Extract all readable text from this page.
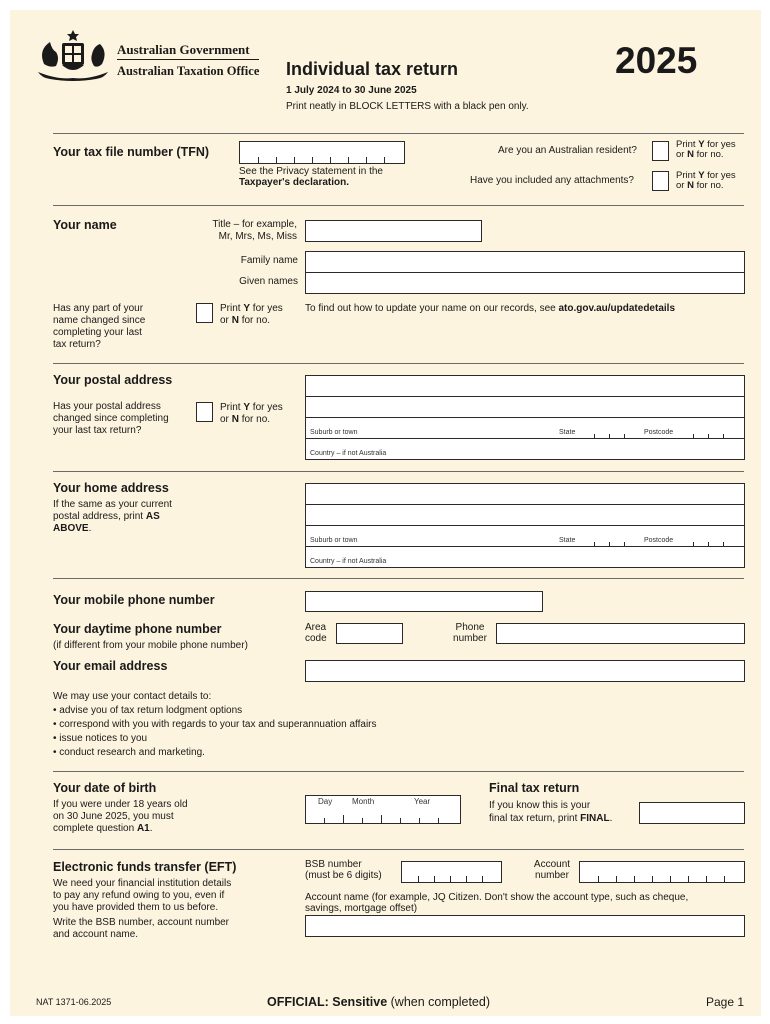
Australian Government
Australian Taxation Office Individual tax return	2025
1 July 2024 to 30 June 2025
Print neatly in BLOCK LETTERS with a black pen only.
Your tax file number (TFN)
See the Privacy statement in the
Taxpayer's declaration.
Are you an Australian resident?
Print Y for yes
or N for no.
Have you included any attachments?	Print Y for yes
or N for no.
Your name	Title – for example,
Mr, Mrs, Ms, Miss
Family name
Given names
Has any part of your
name changed since
completing your last
tax return?
Print Y for yes
or N for no.
To find out how to update your name on our records, see ato.gov.au/updatedetails
Your postal address
Suburb or town	State	Postcode
Country – if not Australia
Has your postal address
changed since completing
your last tax return?
Print Y for yes
or N for no.
Your home address
If the same as your current
postal address, print AS
ABOVE.
Suburb or town	State	Postcode
Country – if not Australia
Your mobile phone number
Your daytime phone number
(if different from your mobile phone number)
Area
code
Phone
number
Your email address
We may use your contact details to:
• advise you of tax return lodgment options
• correspond with you with regards to your tax and superannuation affairs
• issue notices to you
• conduct research and marketing.
Your date of birth
If you were under 18 years old
on 30 June 2025, you must
complete question A1.
Day Month	Year
Final tax return
If you know this is your
final tax return, print FINAL.
Electronic funds transfer (EFT)
We need your financial institution details
to pay any refund owing to you, even if
you have provided them to us before.
Write the BSB number, account number
and account name.
BSB number
(must be 6 digits)
Account
number
Account name (for example, JQ Citizen. Don't show the account type, such as cheque,
savings, mortgage offset)
NAT 1371-06.2025	OFFICIAL: Sensitive (when completed)	Page 1
